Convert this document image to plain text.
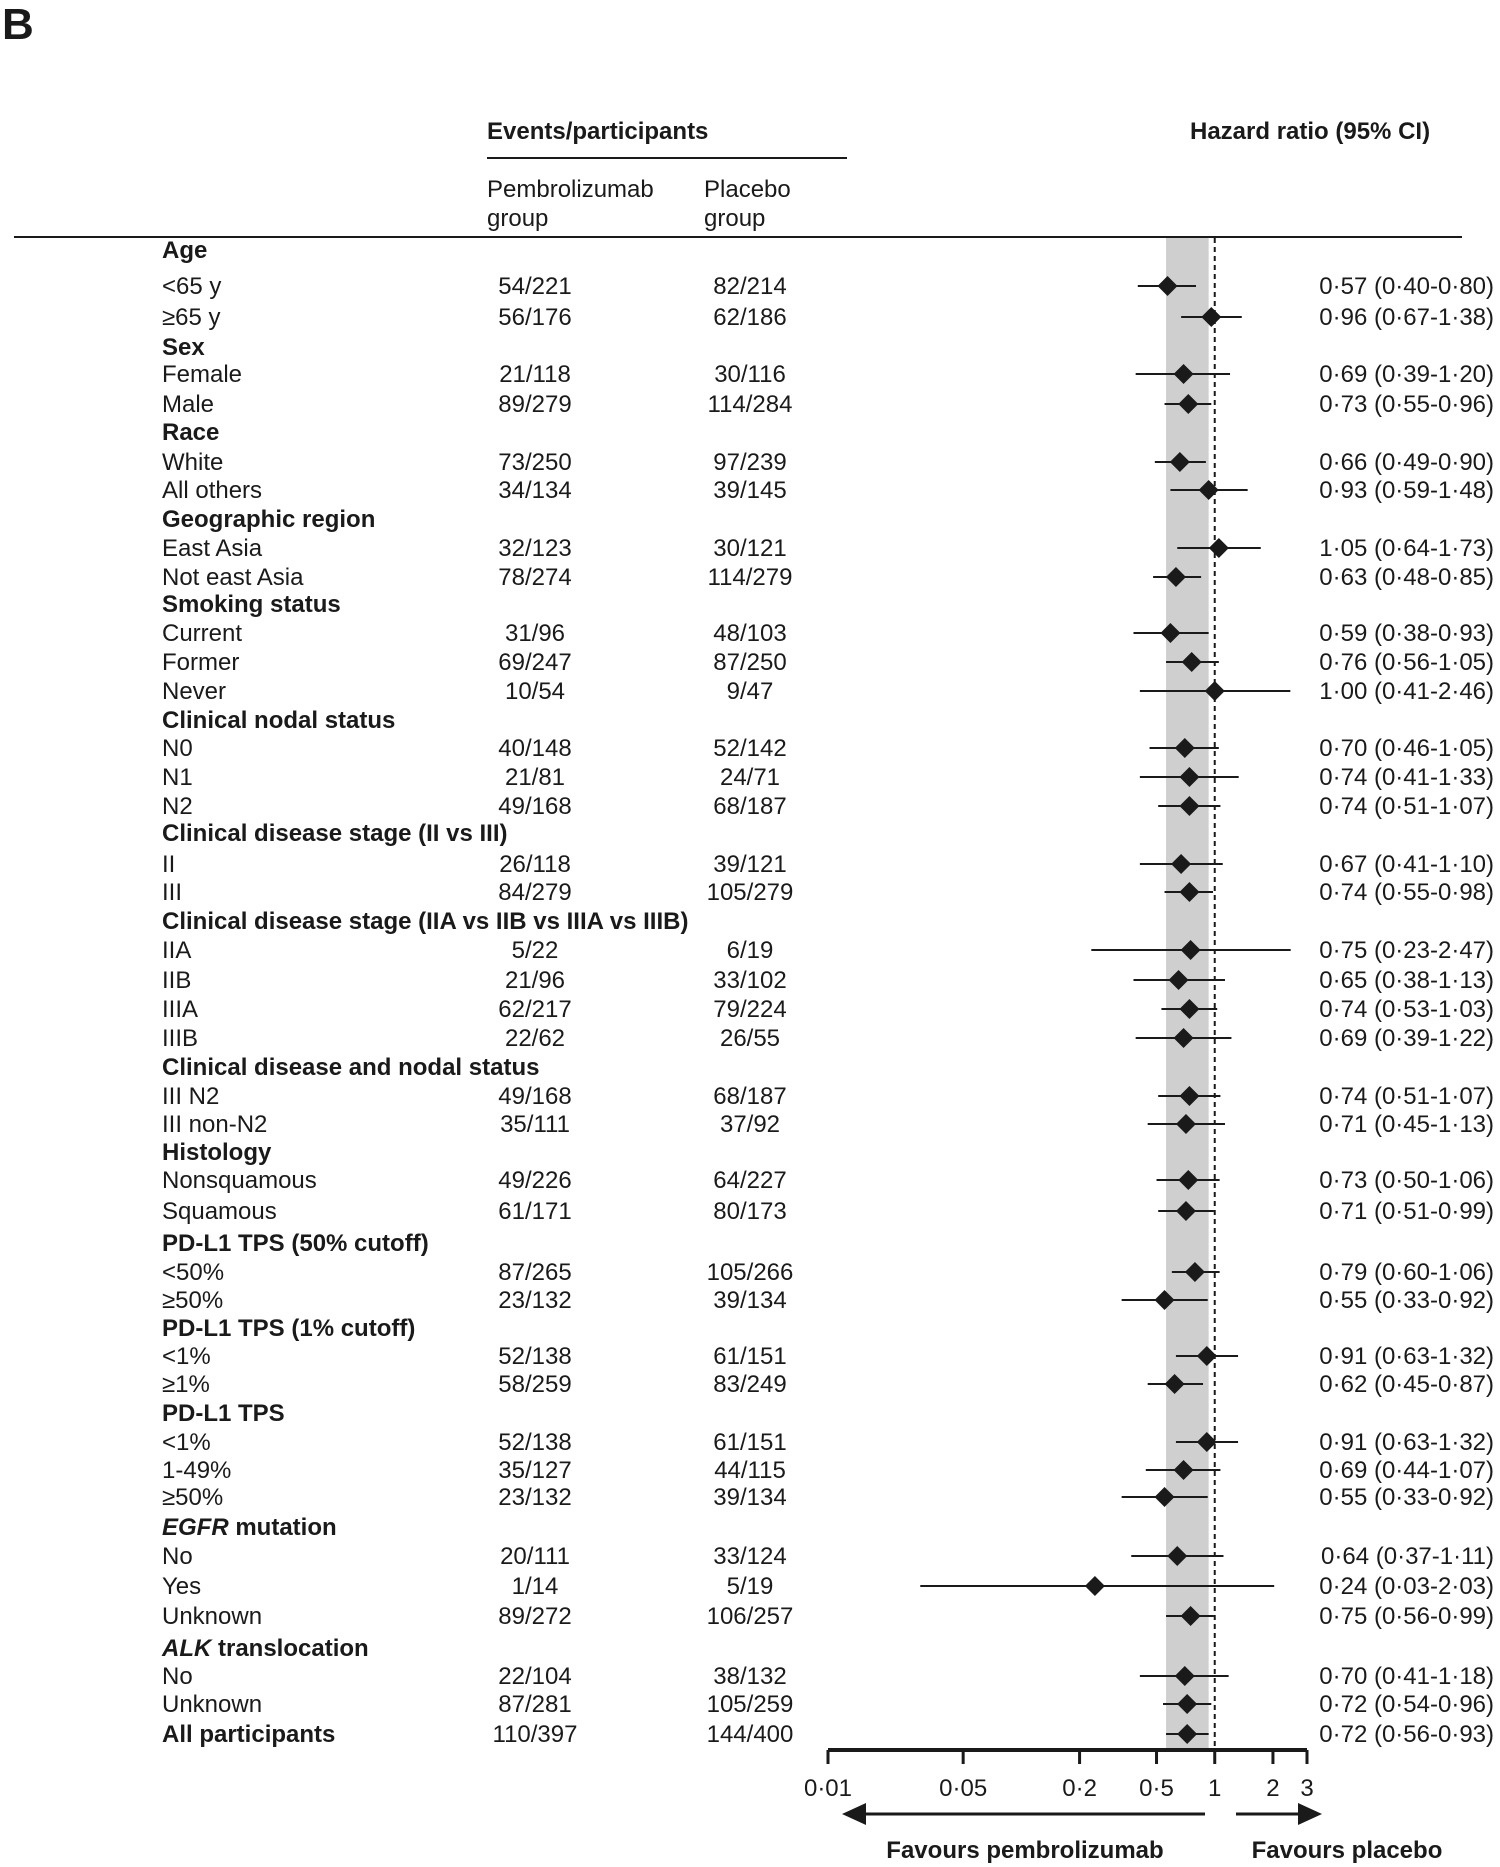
B
Events/participants	Hazard ratio (95% CI)
Pembrolizumab
group
Placebo
group
Age
<65 y	54/221	82/214	0·57 (0·40-0·80)
≥65 y	56/176	62/186	0·96 (0·67-1·38)
Sex
Female	21/118	30/116	0·69 (0·39-1·20)
Male	89/279	114/284	0·73 (0·55-0·96)
Race
White	73/250	97/239	0·66 (0·49-0·90)
All others	34/134	39/145	0·93 (0·59-1·48)
Geographic region
East Asia	32/123	30/121	1·05 (0·64-1·73)
Not east Asia	78/274	114/279	0·63 (0·48-0·85)
Smoking status
Current	31/96	48/103	0·59 (0·38-0·93)
Former	69/247	87/250	0·76 (0·56-1·05)
Never	10/54	9/47	1·00 (0·41-2·46)
Clinical nodal status
N0	40/148	52/142	0·70 (0·46-1·05)
N1	21/81	24/71	0·74 (0·41-1·33)
N2	49/168	68/187	0·74 (0·51-1·07)
Clinical disease stage (II vs III)
II	26/118	39/121	0·67 (0·41-1·10)
III	84/279	105/279	0·74 (0·55-0·98)
Clinical disease stage (IIA vs IIB vs IIIA vs IIIB)
IIA	5/22	6/19	0·75 (0·23-2·47)
IIB	21/96	33/102	0·65 (0·38-1·13)
IIIA	62/217	79/224	0·74 (0·53-1·03)
IIIB	22/62	26/55	0·69 (0·39-1·22)
Clinical disease and nodal status
III N2	49/168	68/187	0·74 (0·51-1·07)
III non-N2	35/111	37/92	0·71 (0·45-1·13)
Histology
Nonsquamous	49/226	64/227	0·73 (0·50-1·06)
Squamous	61/171	80/173	0·71 (0·51-0·99)
PD-L1 TPS (50% cutoff)
<50%	87/265	105/266	0·79 (0·60-1·06)
≥50%	23/132	39/134	0·55 (0·33-0·92)
PD-L1 TPS (1% cutoff)
<1%	52/138	61/151	0·91 (0·63-1·32)
≥1%	58/259	83/249	0·62 (0·45-0·87)
PD-L1 TPS
<1%	52/138	61/151	0·91 (0·63-1·32)
1-49%	35/127	44/115	0·69 (0·44-1·07)
≥50%	23/132	39/134	0·55 (0·33-0·92)
EGFR mutation
No	20/111	33/124	0·64 (0·37-1·11)
Yes	1/14	5/19	0·24 (0·03-2·03)
Unknown	89/272	106/257	0·75 (0·56-0·99)
ALK translocation
No	22/104	38/132	0·70 (0·41-1·18)
Unknown	87/281	105/259	0·72 (0·54-0·96)
All participants	110/397	144/400	0·72 (0·56-0·93)
0·01	0·05	0·2 0·5 1 2 3
Favours pembrolizumab	Favours placebo
